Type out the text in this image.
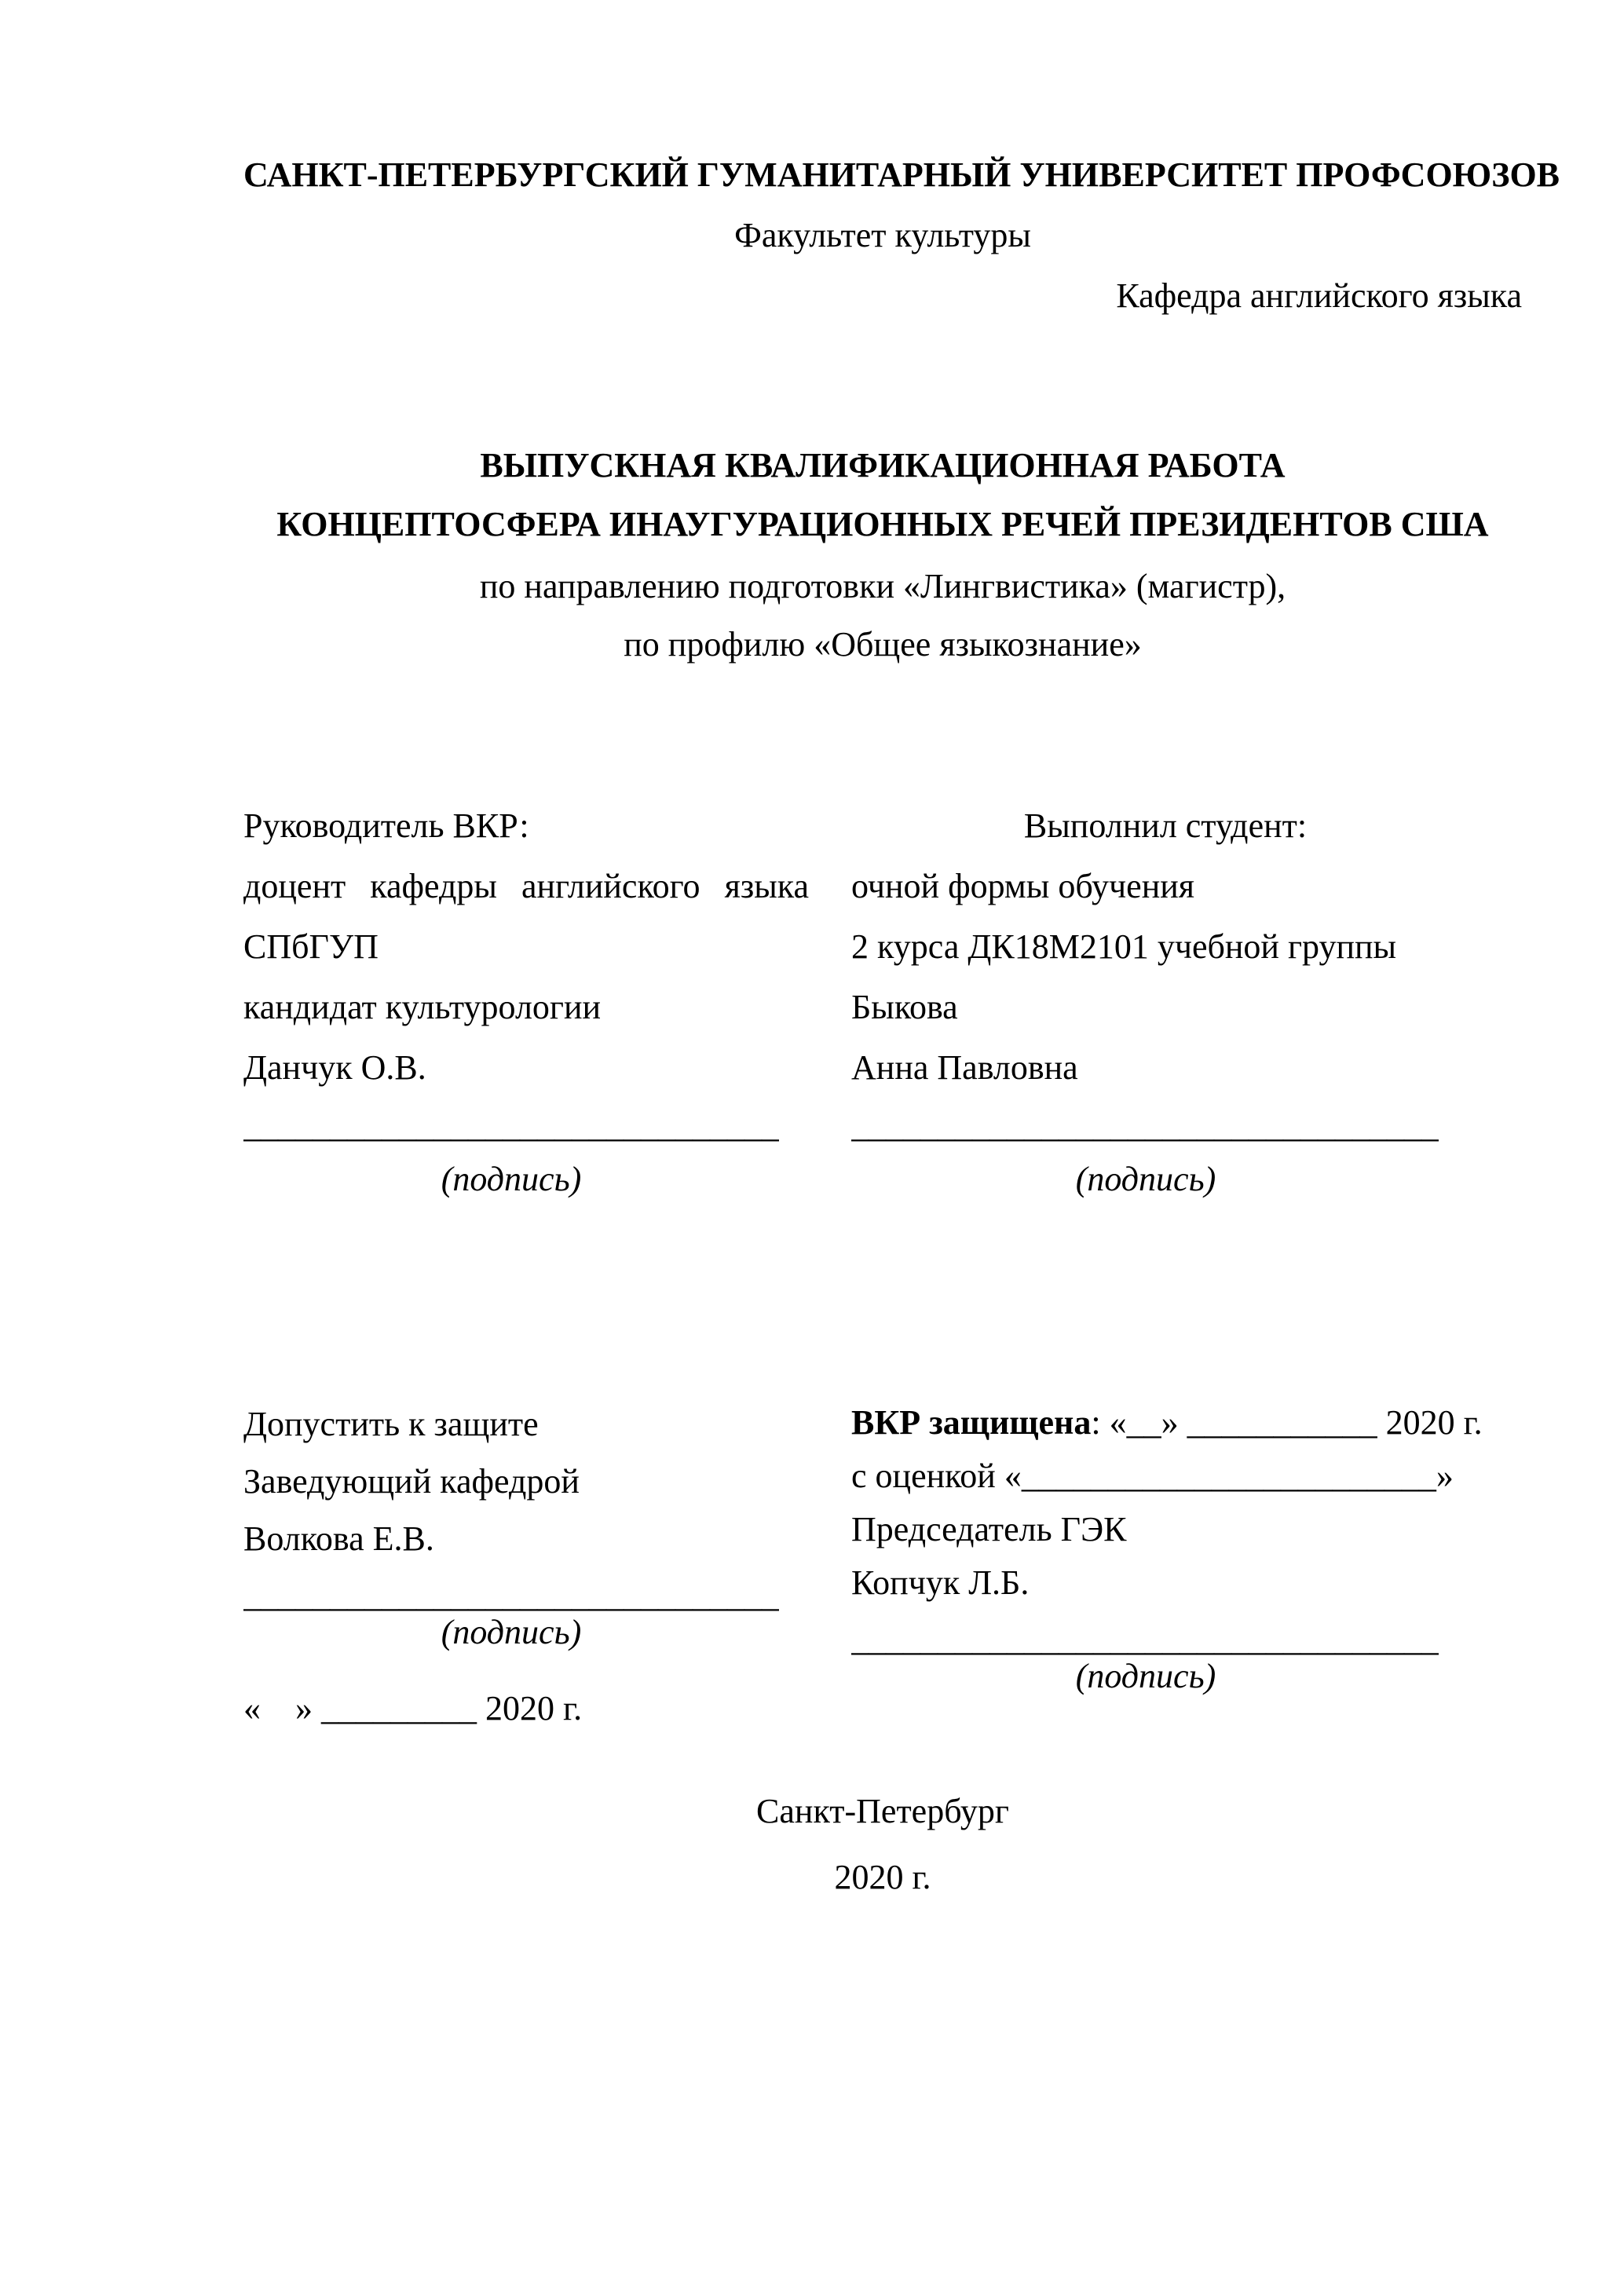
САНКТ-ПЕТЕРБУРГСКИЙ ГУМАНИТАРНЫЙ УНИВЕРСИТЕТ ПРОФСОЮЗОВ
Факультет культуры
Кафедра английского языка
ВЫПУСКНАЯ КВАЛИФИКАЦИОННАЯ РАБОТА
КОНЦЕПТОСФЕРА ИНАУГУРАЦИОННЫХ РЕЧЕЙ ПРЕЗИДЕНТОВ США
по направлению подготовки «Лингвистика» (магистр),
по профилю «Общее языкознание»
Руководитель ВКР:
доцент кафедры английского языка СПбГУП
кандидат культурологии
Данчук О.В.
Выполнил студент:
очной формы обучения
2 курса ДК18М2101 учебной группы
Быкова
Анна Павловна
_______________________________
(подпись)
__________________________________
(подпись)
Допустить к защите
Заведующий кафедрой
Волкова Е.В.
ВКР защищена: «__» ___________ 2020 г.
с оценкой «________________________»
Председатель ГЭК
Копчук Л.Б.
_______________________________
(подпись)	__________________________________
(подпись)
«    » _________ 2020 г.
Санкт-Петербург
2020 г.
